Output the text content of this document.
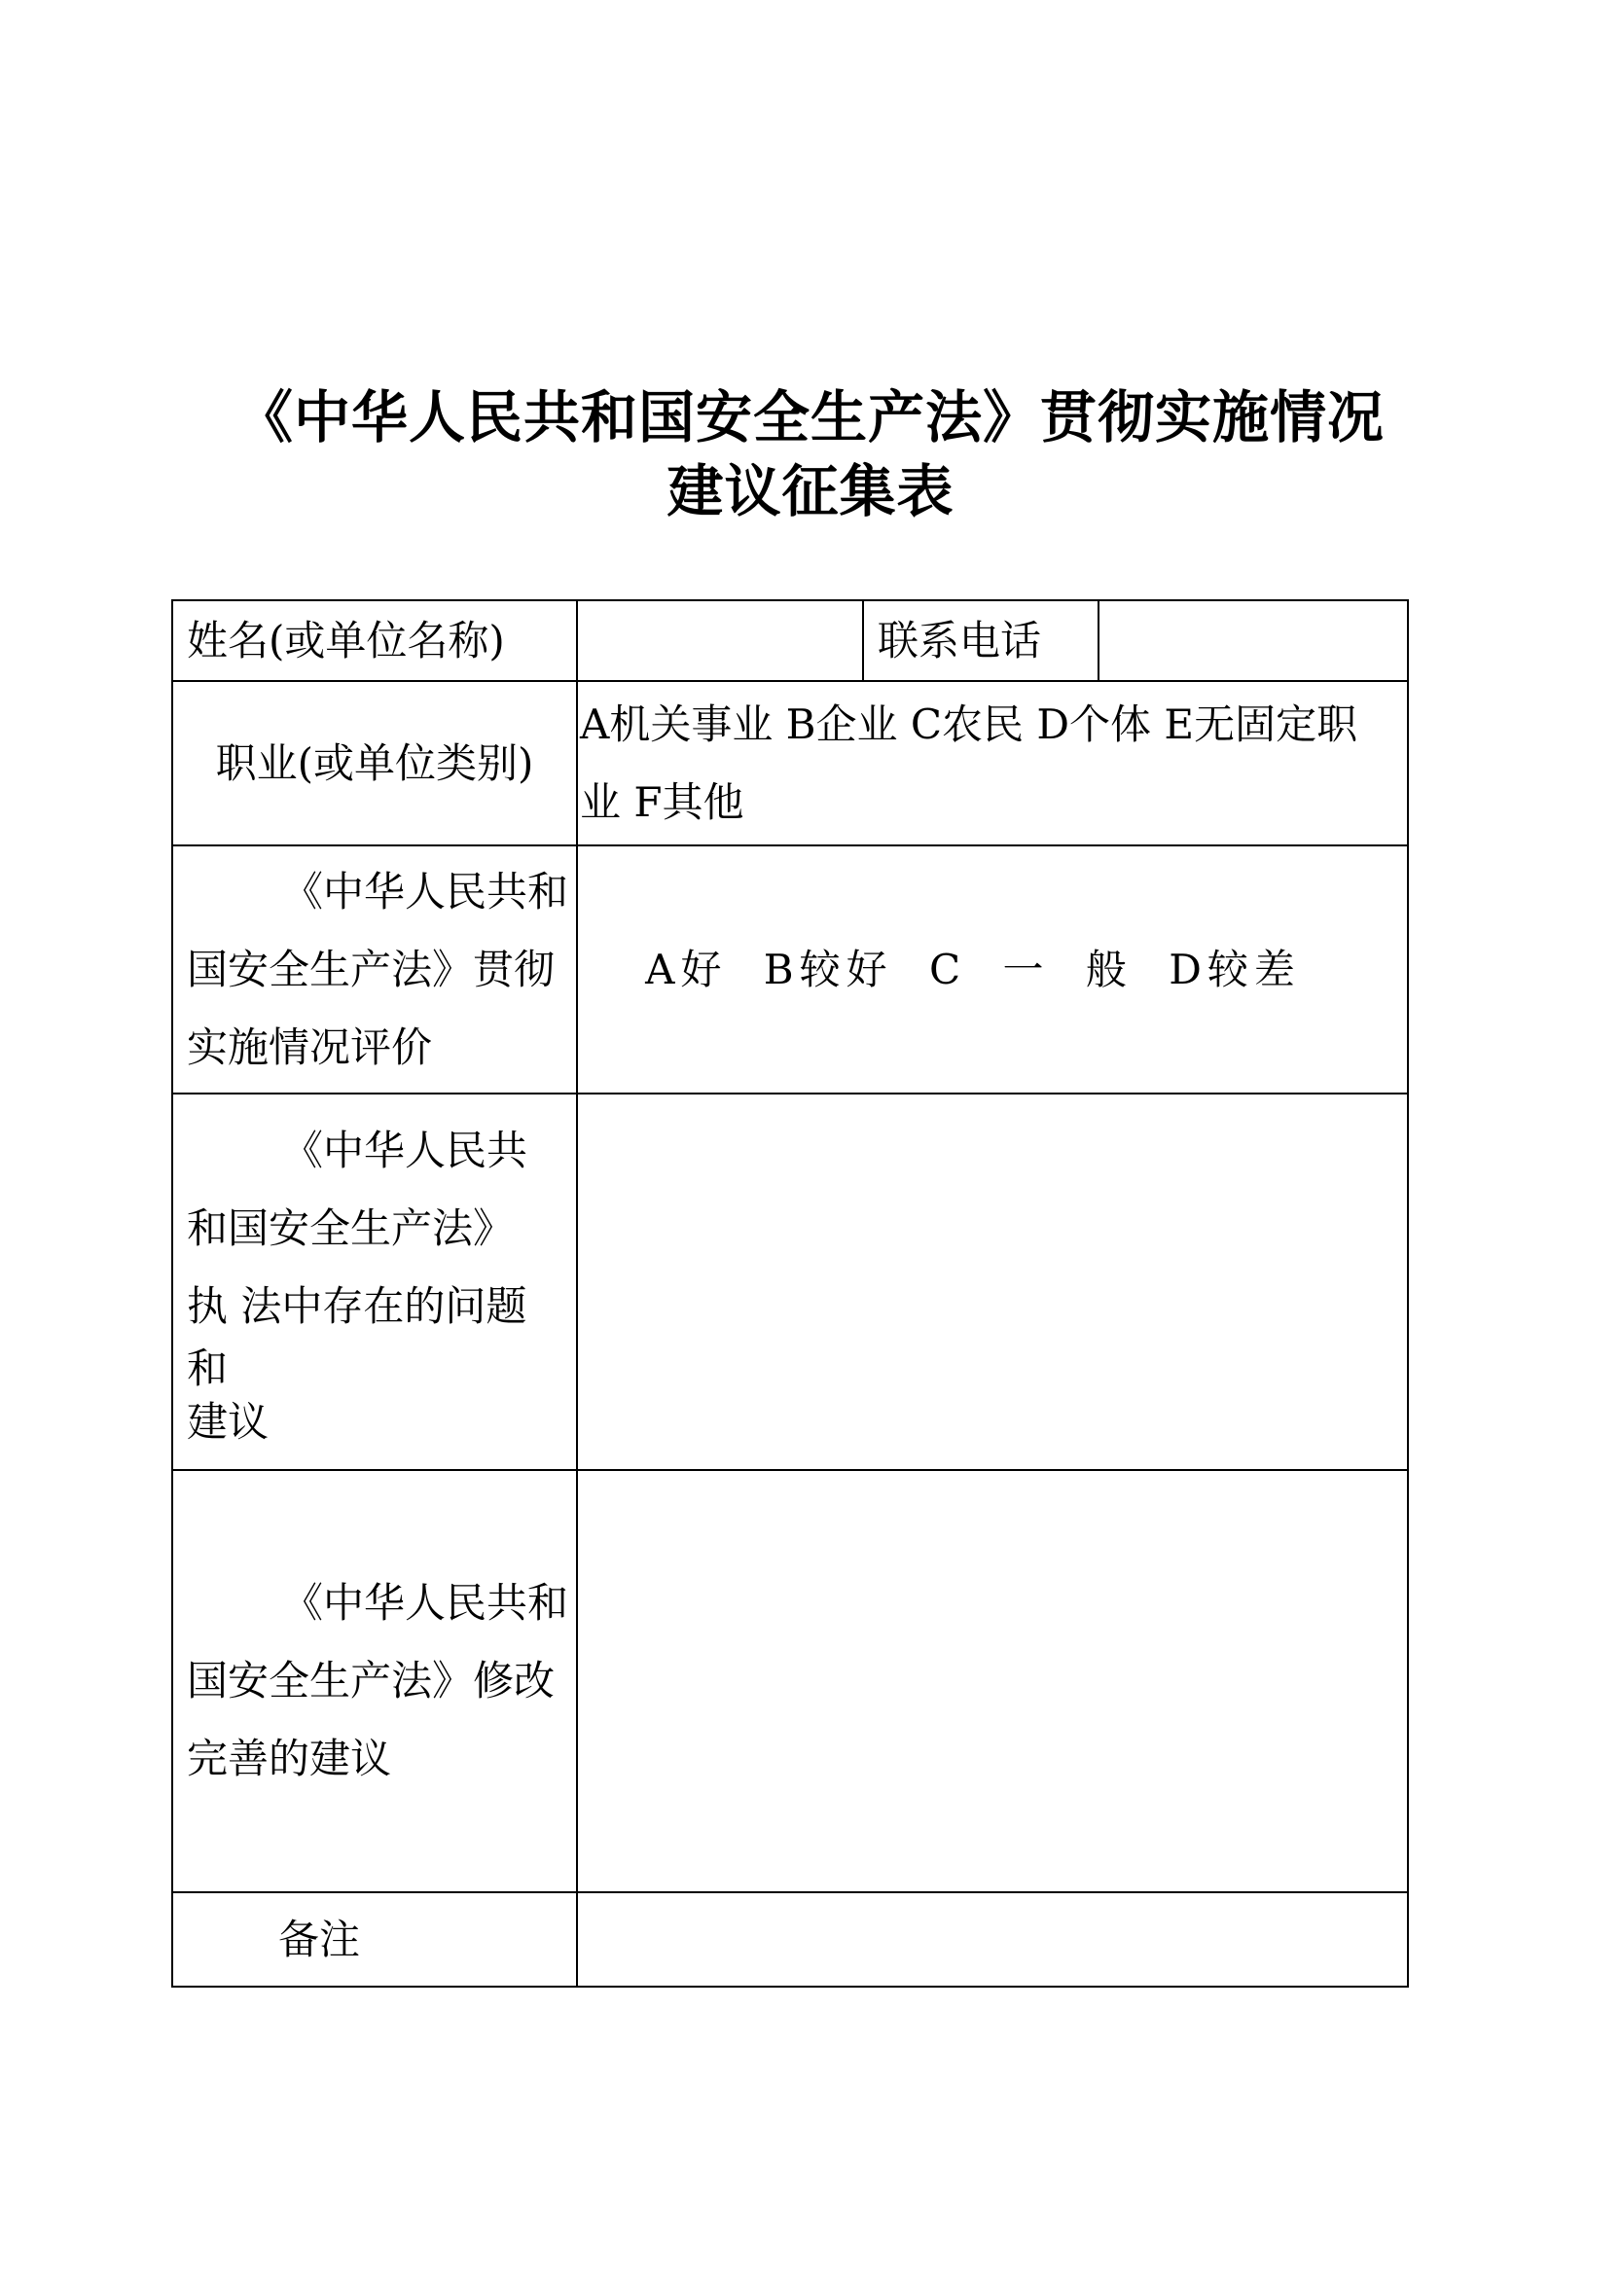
《中华人民共和国安全生产法》贯彻实施情况
建议征集表
姓名(或单位名称)		联系电话	
职业(或单位类别)	A机关事业 B企业 C农民 D个体 E无固定职业 F其他		
《中华人民共和国安全生产法》贯彻实施情况评价	A好 B较好 C 一 般 D较差		

《中华人民共

和国安全生产法》

执 法中存在的问题

和

建议			

《中华人民共和国安全生产法》修改完善的建议			
备注			
